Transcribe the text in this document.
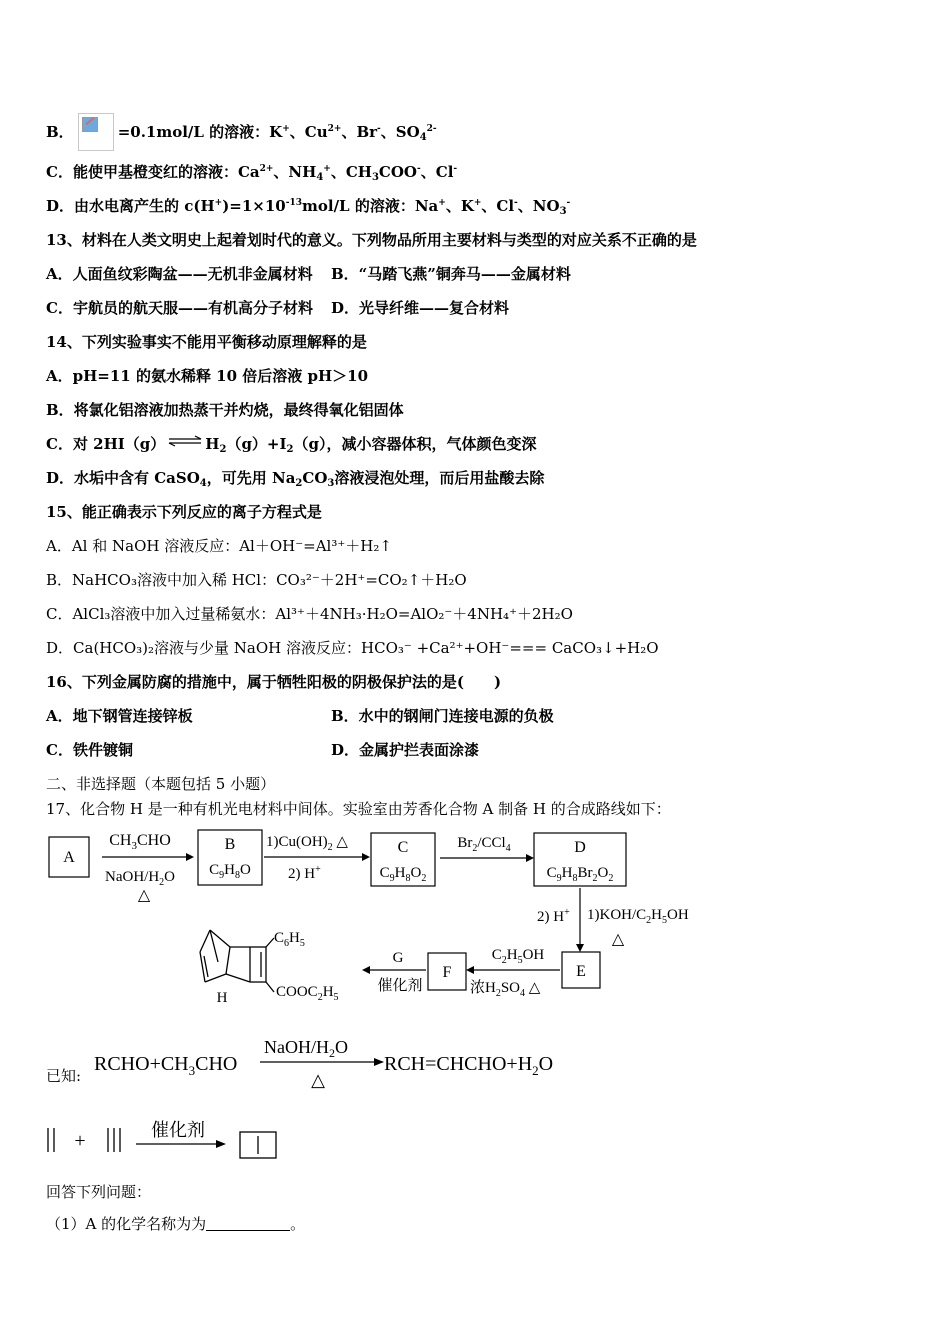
B．	=0.1mol/L 的溶液：K+、$Cu^{2+}$、Br-、$SO_4^{2-}$
C．能使甲基橙变红的溶液：$Ca^{2+}$、$NH_4^+$、$CH_3COO^-$、Cl-
D．由水电离产生的 $c(H^+)=1\times 10^{-13}mol/L$ 的溶液：Na+、K+、Cl-、$NO_3^-$
13、材料在人类文明史上起着划时代的意义。下列物品所用主要材料与类型的对应关系不正确的是
A．人面鱼纹彩陶盆——无机非金属材料 B．“马踏飞燕”铜奔马——金属材料
C．宇航员的航天服——有机高分子材料 D．光导纤维——复合材料
14、下列实验事实不能用平衡移动原理解释的是
A．pH=11 的氨水稀释 10 倍后溶液 pH＞10
B．将氯化铝溶液加热蒸干并灼烧，最终得氧化铝固体
C．对 2HI（g） ⇌ $H_2(g)+I_2(g)$，减小容器体积，气体颜色变深
D．水垢中含有 CaSO$_4$，可先用 $Na_2CO_3$溶液浸泡处理，而后用盐酸去除
15、能正确表示下列反应的离子方程式是
A．Al 和 NaOH 溶液反应：Al＋OH⁻=Al³⁺＋H₂↑
B．NaHCO₃溶液中加入稀 HCl：CO₃²⁻＋2H⁺=CO₂↑＋H₂O
C．AlCl₃溶液中加入过量稀氨水：Al³⁺＋4NH₃·H₂O=AlO₂⁻＋4NH₄⁺＋2H₂O
D．Ca(HCO₃)₂溶液与少量 NaOH 溶液反应：HCO₃⁻ +Ca²⁺+OH⁻=== CaCO₃↓+H₂O
16、下列金属防腐的措施中，属于牺牲阳极的阴极保护法的是(　　)
A．地下钢管连接锌板	B．水中的钢闸门连接电源的负极
C．铁件镀铜	D．金属护拦表面涂漆
二、非选择题（本题包括 5 小题）
17、化合物 H 是一种有机光电材料中间体。实验室由芳香化合物 A 制备 H 的合成路线如下：
A
$CH_3CHO$
NaOH/$H_2O$
△
B
$C_9H_8O$
$1)Cu(OH)_2$ △
2) H+
C
$C_9H_8O_2$
$Br_2/CCl_4$	D
$C_9H_8Br_2O_2$
2) H+ $1)KOH/C_2H_5OH$
△
E
$C_2H_5OH$
浓$H_2SO_4$ △
F
G
催化剂
$C_6H_5$
$COOC_2H_5$
H
已知:
$RCHO+CH_3CHO$
NaOH/$H_2O$
△
$RCH=CHCHO+H_2O$
+	催化剂
回答下列问题：
（1）A 的化学名称为为	。
